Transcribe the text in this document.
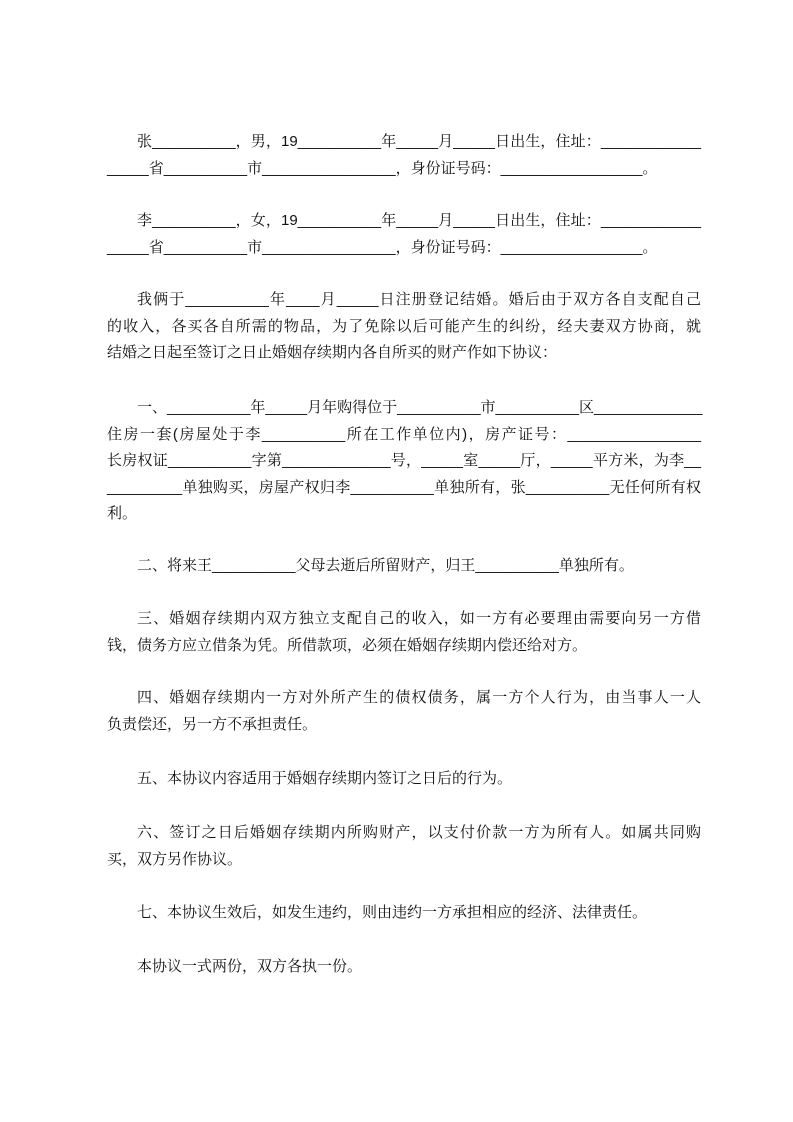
张__________，男，19__________年_____月_____日出生，住址：____________
_____省__________市________________，身份证号码：_________________。
李__________，女，19__________年_____月_____日出生，住址：____________
_____省__________市________________，身份证号码：_________________。
我俩于__________年____月_____日注册登记结婚。婚后由于双方各自支配自己
的收入，各买各自所需的物品，为了免除以后可能产生的纠纷，经夫妻双方协商，就
结婚之日起至签订之日止婚姻存续期内各自所买的财产作如下协议：
一、__________年_____月年购得位于__________市__________区_____________
住房一套(房屋处于李__________所在工作单位内)，房产证号：________________
长房权证__________字第_____________号，_____室_____厅，_____平方米，为李__
_________单独购买，房屋产权归李__________单独所有，张__________无任何所有权
利。
二、将来王__________父母去逝后所留财产，归王__________单独所有。
三、婚姻存续期内双方独立支配自己的收入，如一方有必要理由需要向另一方借
钱，债务方应立借条为凭。所借款项，必须在婚姻存续期内偿还给对方。
四、婚姻存续期内一方对外所产生的债权债务，属一方个人行为，由当事人一人
负责偿还，另一方不承担责任。
五、本协议内容适用于婚姻存续期内签订之日后的行为。
六、签订之日后婚姻存续期内所购财产，以支付价款一方为所有人。如属共同购
买，双方另作协议。
七、本协议生效后，如发生违约，则由违约一方承担相应的经济、法律责任。
本协议一式两份，双方各执一份。
